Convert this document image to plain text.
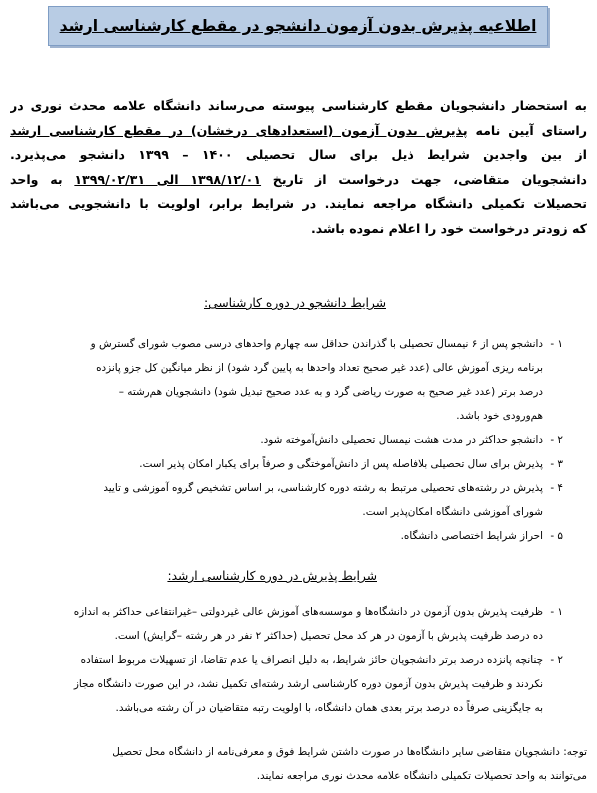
اطلاعیه پذیرش بدون آزمون دانشجو در مقطع کارشناسی ارشد
به استحضار دانشجویان مقطع کارشناسی پیوسته می‌رساند دانشگاه علامه محدث نوری در
راستای آیین نامه پذیرش بدون آزمون (استعدادهای درخشان) در مقطع کارشناسی ارشد
از بین واجدین شرایط ذیل برای سال تحصیلی ۱۴۰۰ – ۱۳۹۹ دانشجو می‌پذیرد.
دانشجویان متقاضی، جهت درخواست از تاریخ ۱۳۹۸/۱۲/۰۱ الی ۱۳۹۹/۰۲/۳۱ به واحد
تحصیلات تکمیلی دانشگاه مراجعه نمایند. در شرایط برابر، اولویت با دانشجویی می‌باشد
که زودتر درخواست خود را اعلام نموده باشد.
شرایط دانشجو در دوره کارشناسی:
۱ -
دانشجو پس از ۶ نیمسال تحصیلی با گذراندن حداقل سه چهارم واحدهای درسی مصوب شورای گسترش و
برنامه ریزی آموزش عالی (عدد غیر صحیح تعداد واحدها به پایین گرد شود) از نظر میانگین کل جزو پانزده
درصد برتر (عدد غیر صحیح به صورت ریاضی گرد و به عدد صحیح تبدیل شود) دانشجویان هم‌رشته –
هم‌ورودی خود باشد.
۲ -
دانشجو حداکثر در مدت هشت نیمسال تحصیلی دانش‌آموخته شود.
۳ -
پذیرش برای سال تحصیلی بلافاصله پس از دانش‌آموختگی و صرفاً برای یکبار امکان پذیر است.
۴ -
پذیرش در رشته‌های تحصیلی مرتبط به رشته دوره کارشناسی، بر اساس تشخیص گروه آموزشی و تایید
شورای آموزشی دانشگاه امکان‌پذیر است.
۵ -
احراز شرایط اختصاصی دانشگاه.
شرایط پذیرش در دوره کارشناسی ارشد:
۱ -
ظرفیت پذیرش بدون آزمون در دانشگاه‌ها و موسسه‌های آموزش عالی غیردولتی –غیرانتفاعی حداکثر به اندازه
ده درصد ظرفیت پذیرش با آزمون در هر کد محل تحصیل (حداکثر ۲ نفر در هر رشته –گرایش) است.
۲ -
چنانچه پانزده درصد برتر دانشجویان حائز شرایط، به دلیل انصراف یا عدم تقاضا، از تسهیلات مربوط استفاده
نکردند و ظرفیت پذیرش بدون آزمون دوره کارشناسی ارشد رشته‌ای تکمیل نشد، در این صورت دانشگاه مجاز
به جایگزینی صرفاً ده درصد برتر بعدی همان دانشگاه، با اولویت رتبه متقاضیان در آن رشته می‌باشد.
توجه: دانشجویان متقاضی سایر دانشگاه‌ها در صورت داشتن شرایط فوق و معرفی‌نامه از دانشگاه محل تحصیل
می‌توانند به واحد تحصیلات تکمیلی دانشگاه علامه محدث نوری مراجعه نمایند.
